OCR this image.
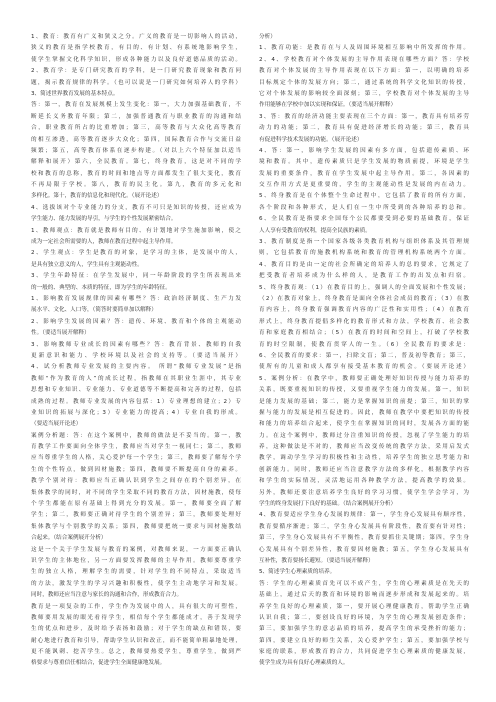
1、教育：教育有广义和狭义之分。广义的教育是一切影响人的活动，
狭义的教育是指学校教育，有目的、有计划、有系统地影响学生，
使学生掌握文化科学知识，形成各种能力以及良好道德品质的活动。
2、教育学：是专门研究教育的学科，是一门研究教育现象和教育问
题，揭示教育规律的科学。（也可以说是一门研究如何培养人的学科）
3、简述世界教育发展的基本特点。
答：第一，教育在发展规模上发生变化：第一，大力加强基础教育，不
断延长义务教育年限；第二，加强普通教育与职业教育的沟通和结
合，职业教育所占的比重增加；第三，高等教育与大众化高等教育
的相互渗透，高等教育逐步大众化；第四，国际教育合作与交流日益
频繁；第五，高等教育体系在逐步构建。（对以上六个特征加以适当
解释和展开）第六，全民教育。第七，终身教育，这是对不同的学
校和教育的总称，教育的时间和地点等方面都发生了很大变化，教育
不再局限于学校。第八，教育的民主化。第九，教育的多元化和
多样化。第十，教育的信息化和现代化。（展开论述）
4、选拔该对个专业能力的分支，教育不可只是知识的传授，还应成为
学生能力、能力发展的导引，与学生的个性发展紧密结合。
1、教师观点：教育就是教师有目的、有计划地对学生施加影响，使之
成为一定社会所需要的人，教师在教育过程中起主导作用。
2、学生观点：学生是教育的对象，是学习的主体，是发展中的人，
是具有独立意义的人，学生具有主观能动性。
3、学生年龄特征：在学生发展中，同一年龄阶段的学生所表现出来
的一般的、典型的、本质的特征，即为学生的年龄特征。
1、影响教育发展规律的因素有哪些？答：政治经济制度、生产力发
展水平、文化、人口等，（简答时要简单加以解释）
2、影响学生发展的因素？答：遗传、环境、教育和个体的主观能动
性。（要适当展开解释）
3、影响教师专业成长的因素有哪些？答：教育背景、教师的自我
更新意识和能力、学校环境以及社会的支持等。（要适当展开）
4、试分析教师专业发展的主要内容。 所谓“教师专业发展”是指
教师“作为教育的人”的成长过程，指教师在其职业生涯中，其专业
思想和专业知识、专业能力、专业道德等不断提高和完善的过程，包括
成熟的过程。教师专业发展的内容包括：1）专业理想的建立；2）专
业知识的拓展与深化；3）专业能力的提高；4）专业自我的形成。
（要适当展开论述）
案例分析题：答：在这个案例中，教师的做法是不妥当的。第一，教
育教学工作要面向全体学生，教师应当对学生一视同仁；第二，教师
应当尊重学生的人格，关心爱护每一个学生；第三，教师要了解每个学
生的个性特点，做到因材施教；第四，教师要不断提高自身的素养。
教学个别对待：教师应当正确认识到学生之间存在的个别差异，在
集体教学的同时，对不同的学生采取不同的教育方法，因材施教，使每
个学生都能在原有基础上得到充分的发展。第一，教师要全面了解
学生；第二，教师要正确对待学生的个别差异；第三，教师要处理好
集体教学与个别教学的关系；第四，教师要把统一要求与因材施教结
合起来。（结合案例展开分析）
这是一个关于学生发展与教育的案例，对教师来说，一方面要正确认
识学生的主体地位，另一方面要发挥教师的主导作用。教师要尊重学
生的独立人格，理解学生的需要，针对学生的不同特点，采取适当
的方法，激发学生的学习兴趣和积极性，使学生主动地学习和发展。
同时，教师还应当注意与家长的沟通和合作，形成教育合力。
教育是一项复杂的工作，学生作为发展中的人，具有很大的可塑性，
教师要用发展的眼光看待学生，相信每个学生都能成才，善于发现学
生的优点和进步，及时给予表扬和鼓励；对于学生的缺点和错误，要
耐心地进行教育和引导，帮助学生认识和改正，而不能简单粗暴地处理，
更不能讽刺、挖苦学生。总之，教师要热爱学生，尊重学生，做到严
格要求与尊重信任相结合，促进学生全面健康地发展。
分析）
1、教育功能：是教育在与人及周围环境相互影响中所发挥的作用。
2、4、学校教育对个体发展的主导作用表现在哪些方面？答：学校
教育对个体发展的主导作用表现在以下方面：第一，以明确的培养
目标规定个体的发展方向；第二，通过系统的科学文化知识的传授，
它对个体发展的影响较全面深刻；第三，学校教育对个体发展的主导
作用能够在学校中加以实现和保证。（要适当展开解释）
3、答：教育的经济功能主要表现在三个方面：第一，教育具有培养劳
动力的功能；第二，教育具有促进经济增长的功能；第三，教育具
有促进科学技术发展的功能。（展开论述）
4、答：第一，影响学生发展的因素有多方面，包括遗传素质、环
境和教育。其中，遗传素质只是学生发展的物质前提，环境是学生
发展的重要条件，教育在学生发展中起主导作用。第二，各因素的
交互作用方式是更重要的，学生的主观能动性是发展的内在动力。
5、终身教育是在个体整个生命过程中，它包括了教育的所有方面，
各个阶段和各种形式，是人们在一生中所受到的各种培养的总和。
6、全民教育是指要求全国每个公民都要受到必要的基础教育，保证
人人享有受教育的权利，提高全民族的素质。
3、教育制度是指一个国家各级各类教育机构与组织体系及其管理规
则，它包括教育的施教机构系统和教育的管理机构系统两个方面。
4、教育目的是由一定的社会所确定的培养人的总的要求，它规定了
把受教育者培养成为什么样的人，是教育工作的出发点和归宿。
5、终身教育观：（1）在教育目的上，强调人的全面发展和个性发展；
（2）在教育对象上，终身教育是面向全体社会成员的教育；（3）在教
育内容上，终身教育强调教育内容的广泛性和实用性；（4）在教育
形式上，终身教育提倡多样化的教育形式和方法，学校教育、社会教
育和家庭教育相结合；（5）在教育的时间和空间上，打破了学校教
育的时空限制，使教育贯穿人的一生。（6）全民教育的要求是：
6、全民教育的要求：第一，扫除文盲；第二，普及初等教育；第三，
使所有的儿童和成人都享有接受基本教育的机会。（要展开论述）
5、案例分析：在教学中，教师要正确处理好知识传授与能力培养的
关系，既要重视知识的传授，又要重视学生能力的发展。第一，知识
是能力发展的基础；第二，能力是掌握知识的前提；第三，知识的掌
握与能力的发展是相互促进的。因此，教师在教学中要把知识的传授
和能力的培养结合起来，使学生在掌握知识的同时，发展各方面的能
力。在这个案例中，教师过分注重知识的传授，忽视了学生能力的培
养，这种做法是不对的，教师应当改变传统的教学方法，采用启发式
教学，调动学生学习的积极性和主动性，培养学生的独立思考能力和
创新能力。同时，教师还应当注意教学方法的多样化，根据教学内容
和学生的实际情况，灵活地运用各种教学方法，提高教学的效果。
另外，教师还要注意培养学生良好的学习习惯，使学生学会学习，为
学生的终身发展打下良好的基础。（结合案例展开分析）
4、教育要适应学生身心发展的规律：第一，学生身心发展具有顺序性，
教育要循序渐进；第二，学生身心发展具有阶段性，教育要有针对性；
第三，学生身心发展具有不平衡性，教育要抓住关键期；第四，学生身
心发展具有个别差异性，教育要因材施教；第五，学生身心发展具有
互补性，教育要扬长避短。（要适当展开解释）
5、简述学生心理素质的培养。
答：学生的心理素质首先可以不成产生，学生的心理素质是在先天的
基础上，通过后天的教育和环境的影响而逐步形成和发展起来的。培
养学生良好的心理素质，第一，要开展心理健康教育，帮助学生正确
认识自我；第二，要创设良好的环境，为学生的心理发展创造条件；
第三，要加强学生的意志品质的培养，提高学生的承受挫折的能力；
第四，要建立良好的师生关系，关心爱护学生；第五，要加强学校与
家庭的联系，形成教育的合力，共同促进学生心理素质的健康发展，
使学生成为具有良好心理素质的人。
